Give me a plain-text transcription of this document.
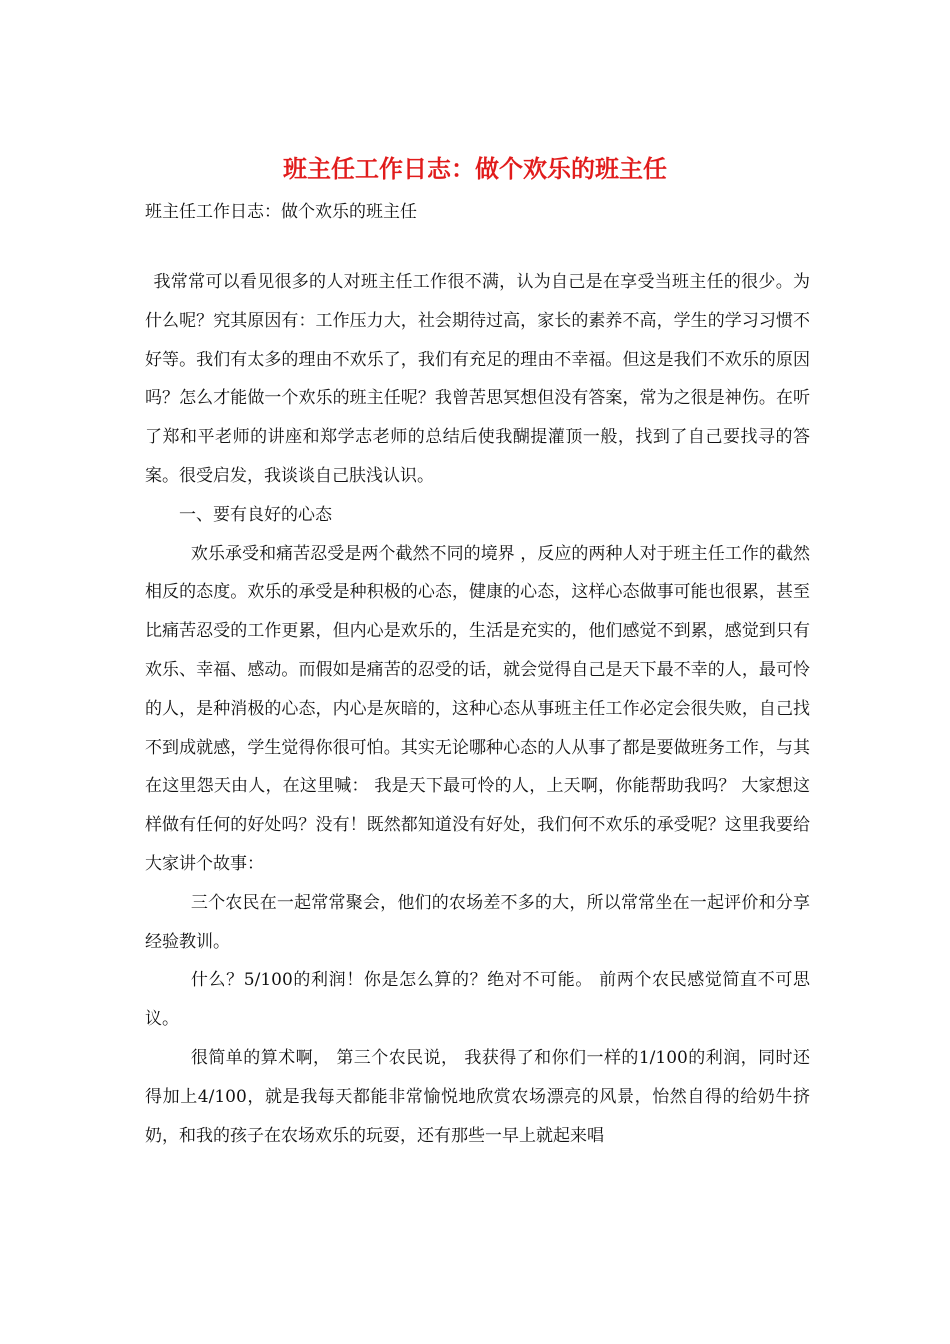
班主任工作日志：做个欢乐的班主任
班主任工作日志：做个欢乐的班主任

我常常可以看见很多的人对班主任工作很不满，认为自己是在享受当班主任的很少。为什么呢？究其原因有：工作压力大，社会期待过高，家长的素养不高，学生的学习习惯不好等。我们有太多的理由不欢乐了，我们有充足的理由不幸福。但这是我们不欢乐的原因吗？怎么才能做一个欢乐的班主任呢？我曾苦思冥想但没有答案，常为之很是神伤。在听了郑和平老师的讲座和郑学志老师的总结后使我醐提灌顶一般，找到了自己要找寻的答案。很受启发，我谈谈自己肤浅认识。

一、要有良好的心态

欢乐承受和痛苦忍受是两个截然不同的境界 ，反应的两种人对于班主任工作的截然相反的态度。欢乐的承受是种积极的心态，健康的心态，这样心态做事可能也很累，甚至比痛苦忍受的工作更累，但内心是欢乐的，生活是充实的，他们感觉不到累，感觉到只有欢乐、幸福、感动。而假如是痛苦的忍受的话，就会觉得自己是天下最不幸的人，最可怜的人，是种消极的心态，内心是灰暗的，这种心态从事班主任工作必定会很失败，自己找不到成就感，学生觉得你很可怕。其实无论哪种心态的人从事了都是要做班务工作，与其在这里怨天由人，在这里喊： 我是天下最可怜的人，上天啊，你能帮助我吗？ 大家想这样做有任何的好处吗？没有！既然都知道没有好处，我们何不欢乐的承受呢？这里我要给大家讲个故事：

三个农民在一起常常聚会，他们的农场差不多的大，所以常常坐在一起评价和分享经验教训。

什么？5/100的利润！你是怎么算的？绝对不可能。 前两个农民感觉简直不可思议。

很简单的算术啊， 第三个农民说， 我获得了和你们一样的1/100的利润，同时还得加上4/100，就是我每天都能非常愉悦地欣赏农场漂亮的风景，怡然自得的给奶牛挤奶，和我的孩子在农场欢乐的玩耍，还有那些一早上就起来唱
